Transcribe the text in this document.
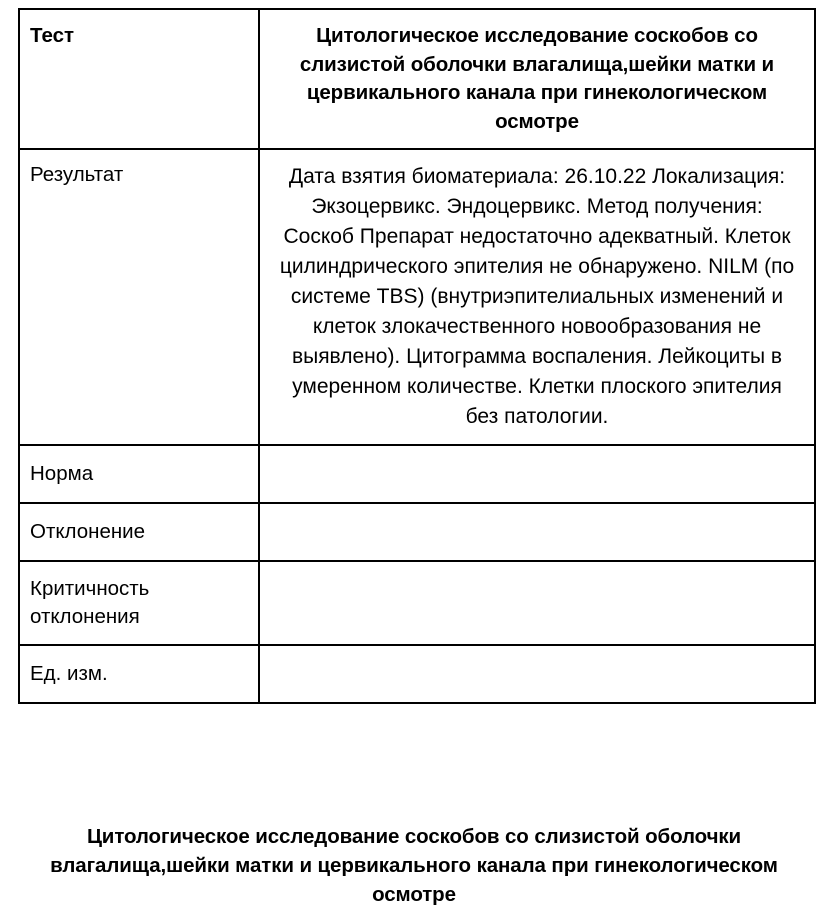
Тест	Цитологическое исследование соскобов со слизистой оболочки влагалища,шейки матки и цервикального канала при гинекологическом осмотре

Результат	Дата взятия биоматериала: 26.10.22 Локализация: Экзоцервикс. Эндоцервикс. Метод получения: Соскоб Препарат недостаточно адекватный. Клеток цилиндрического эпителия не обнаружено. NILM (по системе TBS) (внутриэпителиальных изменений и клеток злокачественного новообразования не выявлено). Цитограмма воспаления. Лейкоциты в умеренном количестве. Клетки плоского эпителия без патологии.

Норма	

Отклонение	

Критичность отклонения	

Ед. изм.	

Цитологическое исследование соскобов со слизистой оболочки влагалища,шейки матки и цервикального канала при гинекологическом осмотре
